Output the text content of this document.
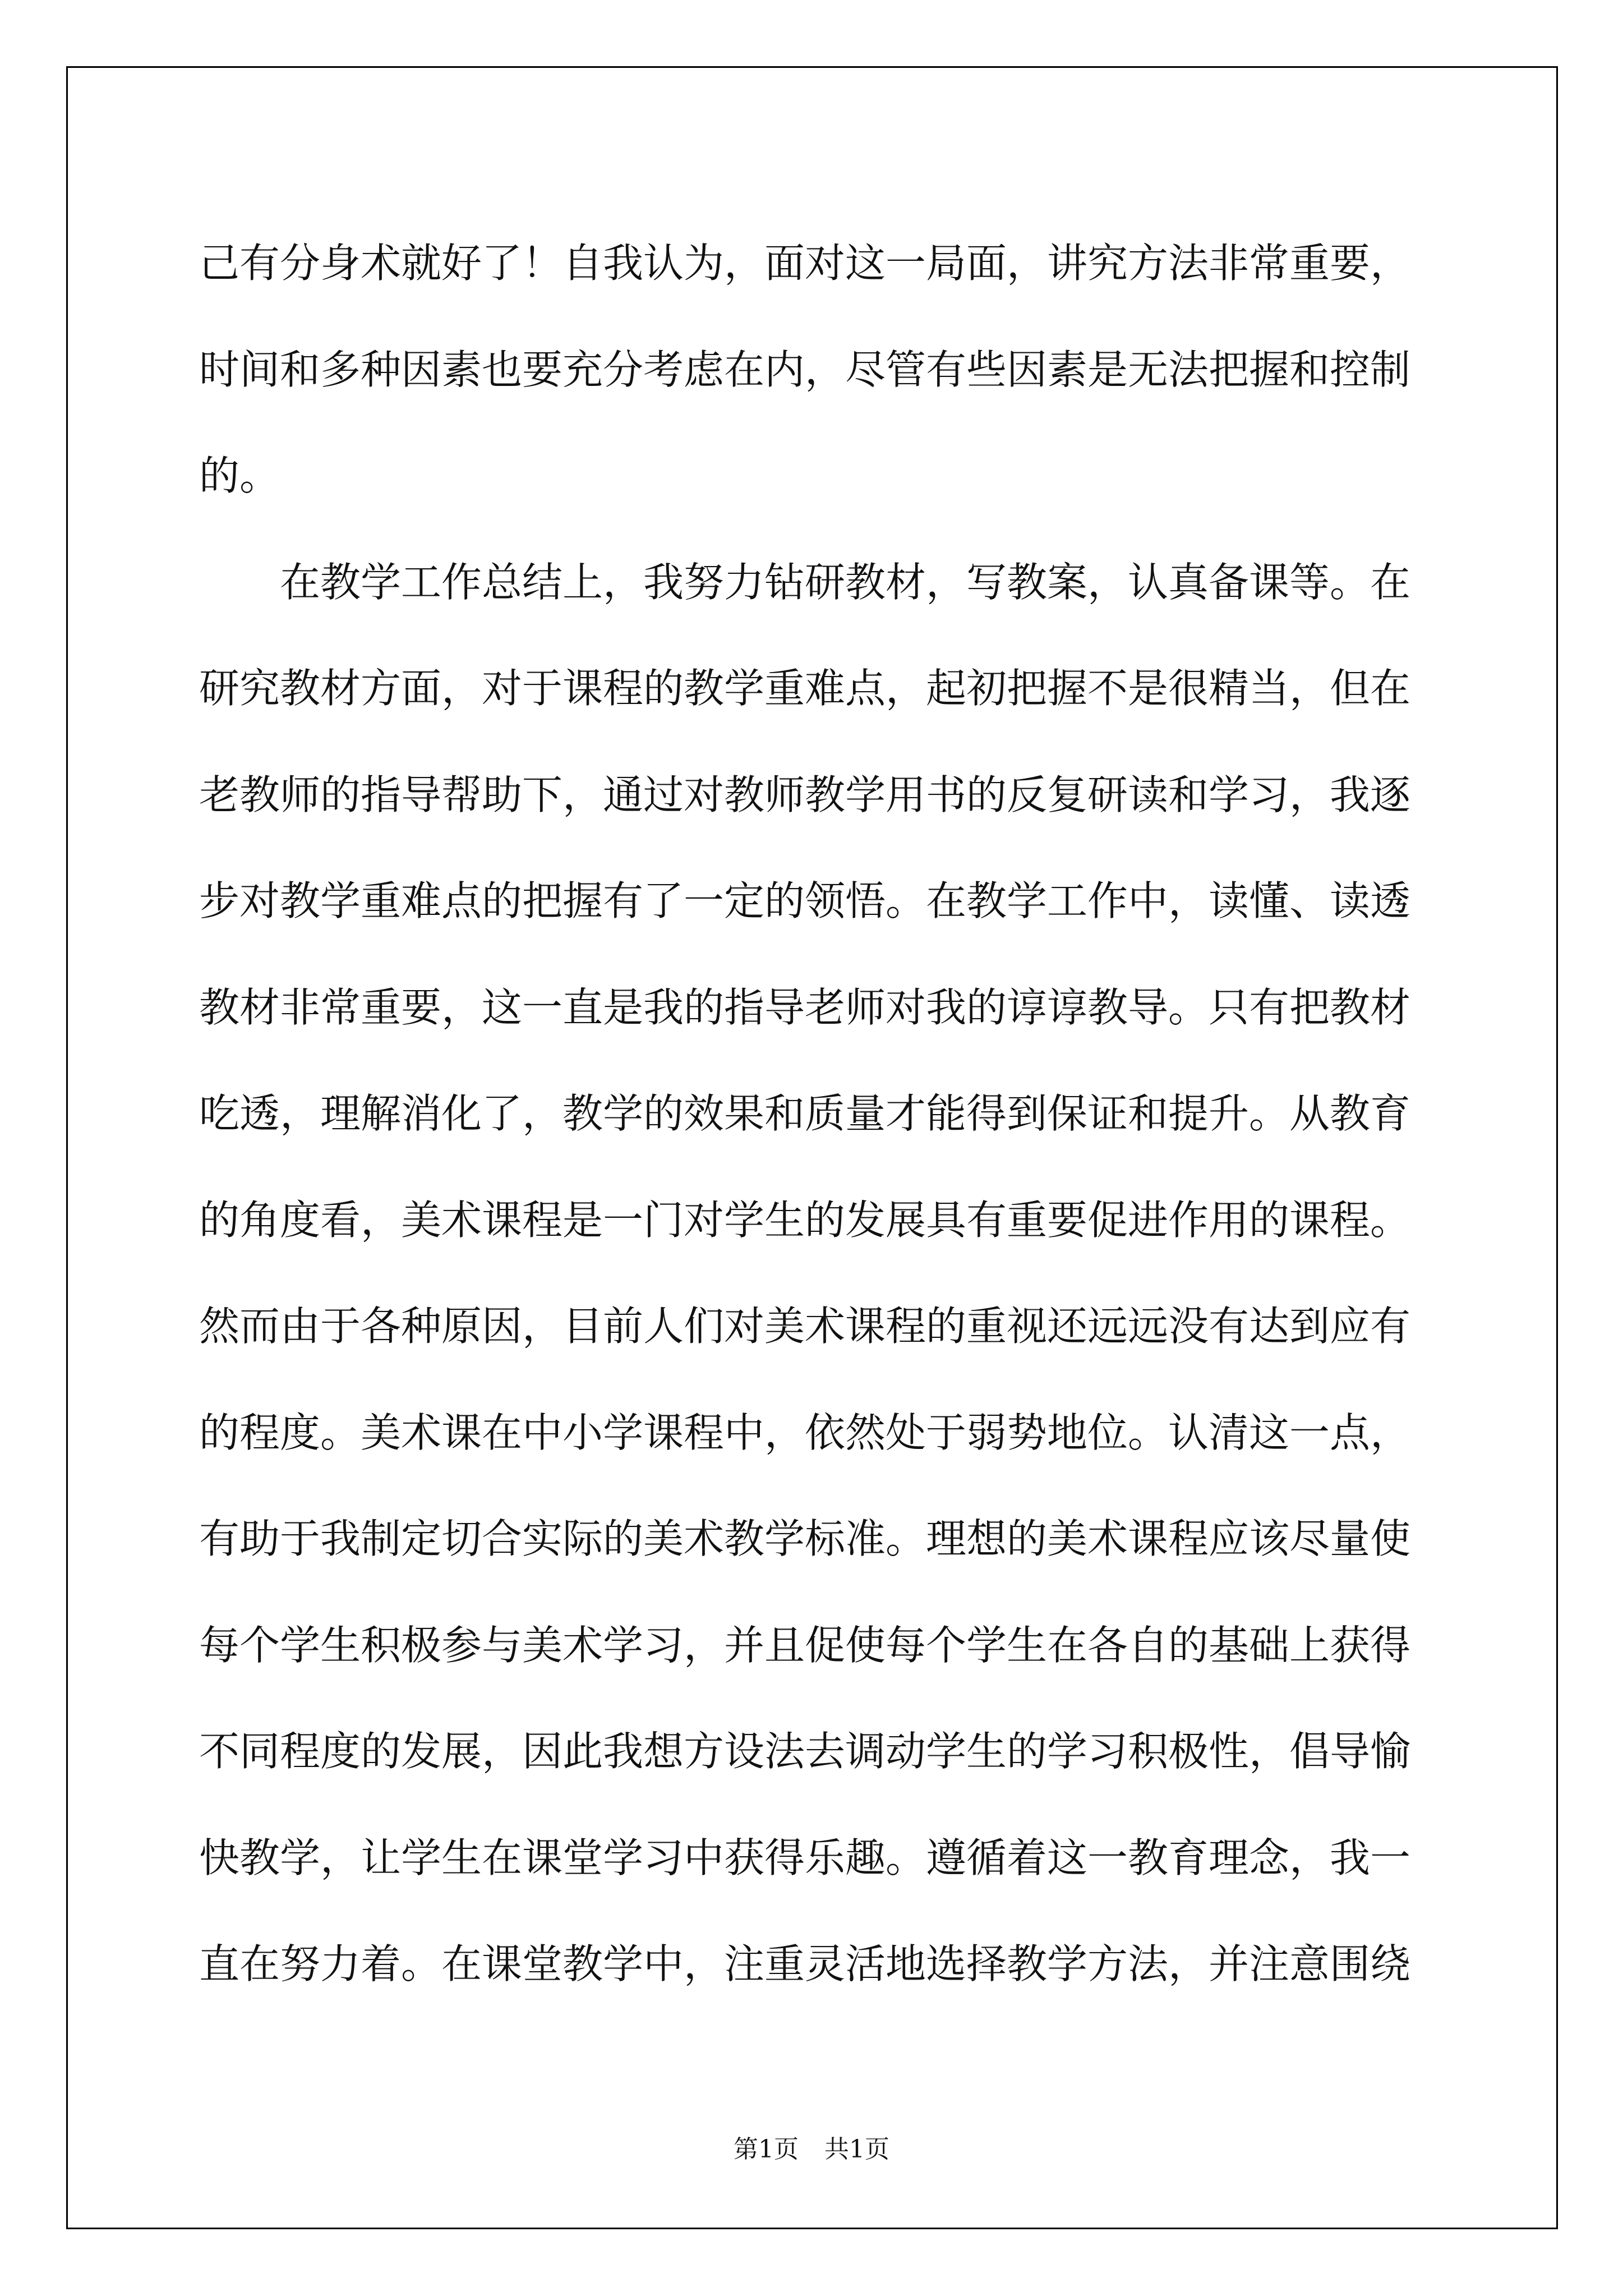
己有分身术就好了！自我认为，面对这一局面，讲究方法非常重要，
时间和多种因素也要充分考虑在内，尽管有些因素是无法把握和控制
的。
在教学工作总结上，我努力钻研教材，写教案，认真备课等。在
研究教材方面，对于课程的教学重难点，起初把握不是很精当，但在
老教师的指导帮助下，通过对教师教学用书的反复研读和学习，我逐
步对教学重难点的把握有了一定的领悟。在教学工作中，读懂、读透
教材非常重要，这一直是我的指导老师对我的谆谆教导。只有把教材
吃透，理解消化了，教学的效果和质量才能得到保证和提升。从教育
的角度看，美术课程是一门对学生的发展具有重要促进作用的课程。
然而由于各种原因，目前人们对美术课程的重视还远远没有达到应有
的程度。美术课在中小学课程中，依然处于弱势地位。认清这一点，
有助于我制定切合实际的美术教学标准。理想的美术课程应该尽量使
每个学生积极参与美术学习，并且促使每个学生在各自的基础上获得
不同程度的发展，因此我想方设法去调动学生的学习积极性，倡导愉
快教学，让学生在课堂学习中获得乐趣。遵循着这一教育理念，我一
直在努力着。在课堂教学中，注重灵活地选择教学方法，并注意围绕
第1页 共1页
